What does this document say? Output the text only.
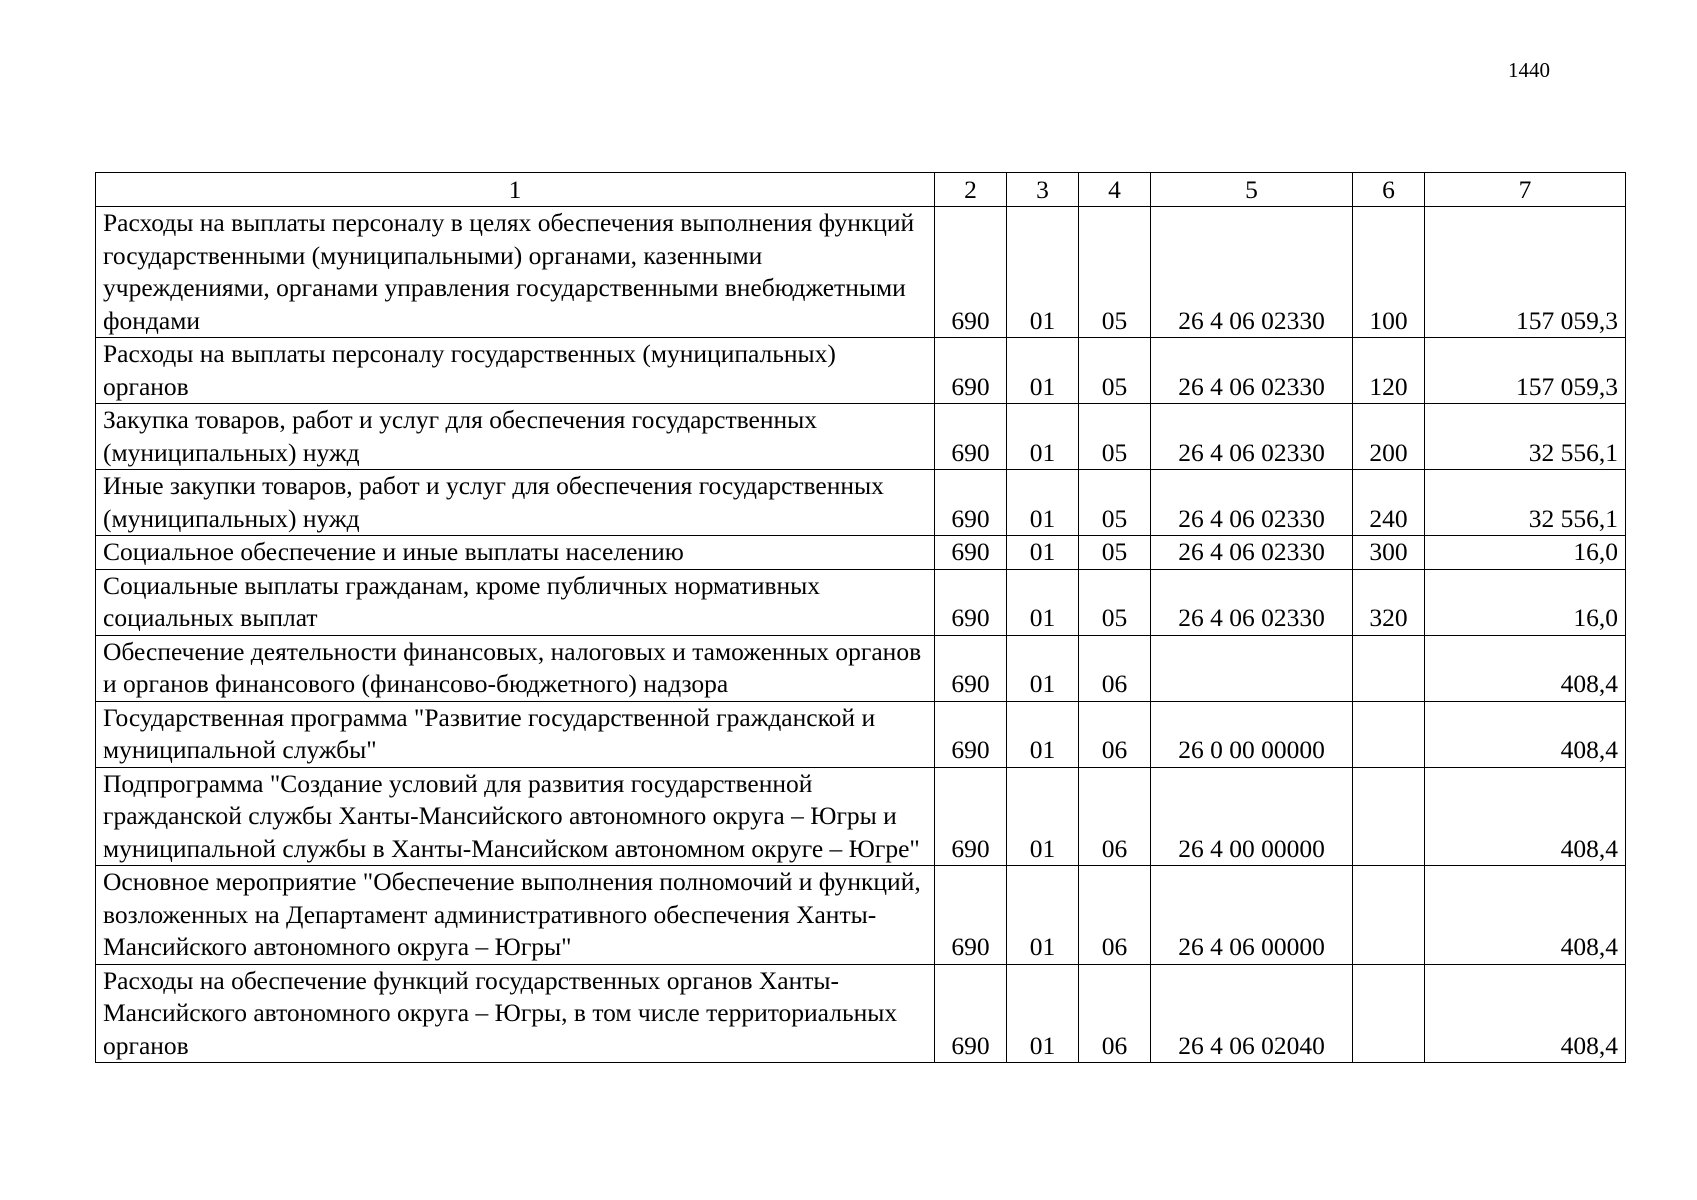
1440
1	2	3	4	5	6	7
Расходы на выплаты персоналу в целях обеспечения выполнения функций государственными (муниципальными) органами, казенными учреждениями, органами управления государственными внебюджетными фондами	690	01	05	26 4 06 02330	100	157 059,3
Расходы на выплаты персоналу государственных (муниципальных) органов	690	01	05	26 4 06 02330	120	157 059,3
Закупка товаров, работ и услуг для обеспечения государственных (муниципальных) нужд	690	01	05	26 4 06 02330	200	32 556,1
Иные закупки товаров, работ и услуг для обеспечения государственных (муниципальных) нужд	690	01	05	26 4 06 02330	240	32 556,1
Социальное обеспечение и иные выплаты населению	690	01	05	26 4 06 02330	300	16,0
Социальные выплаты гражданам, кроме публичных нормативных социальных выплат	690	01	05	26 4 06 02330	320	16,0
Обеспечение деятельности финансовых, налоговых и таможенных органов и органов финансового (финансово-бюджетного) надзора	690	01	06			408,4
Государственная программа "Развитие государственной гражданской и муниципальной службы"	690	01	06	26 0 00 00000		408,4
Подпрограмма "Создание условий для развития государственной гражданской службы Ханты-Мансийского автономного округа – Югры и муниципальной службы в Ханты-Мансийском автономном округе – Югре"	690	01	06	26 4 00 00000		408,4
Основное мероприятие "Обеспечение выполнения полномочий и функций, возложенных на Департамент административного обеспечения Ханты-Мансийского автономного округа – Югры"	690	01	06	26 4 06 00000		408,4
Расходы на обеспечение функций государственных органов Ханты-Мансийского автономного округа – Югры, в том числе территориальных органов	690	01	06	26 4 06 02040		408,4
